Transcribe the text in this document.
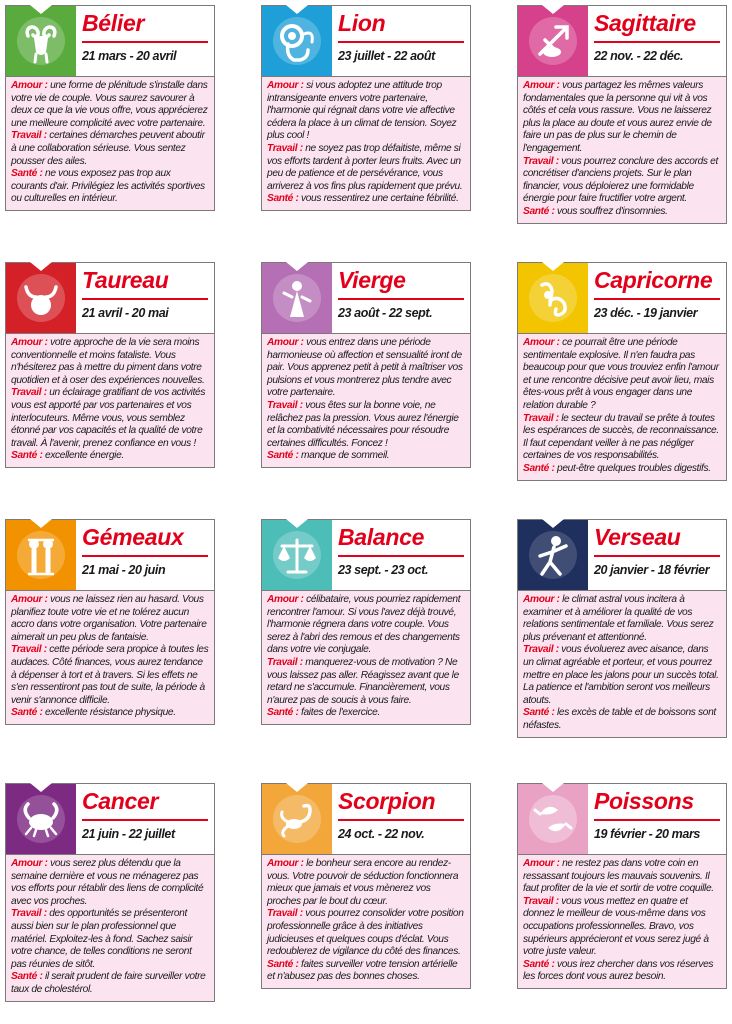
Bélier
21 mars - 20 avril

Amour : une forme de plénitude s'installe dans votre vie de couple. Vous saurez savourer à deux ce que la vie vous offre, vous apprécierez une meilleure complicité avec votre partenaire.

Travail : certaines démarches peuvent aboutir à une collaboration sérieuse. Vous sentez pousser des ailes.

Santé : ne vous exposez pas trop aux courants d'air. Privilégiez les activités sportives ou culturelles en intérieur.

Lion
23 juillet - 22 août

Amour : si vous adoptez une attitude trop intransigeante envers votre partenaire, l'harmonie qui régnait dans votre vie affective cédera la place à un climat de tension. Soyez plus cool !

Travail : ne soyez pas trop défaitiste, même si vos efforts tardent à porter leurs fruits. Avec un peu de patience et de persévérance, vous arriverez à vos fins plus rapidement que prévu.

Santé : vous ressentirez une certaine fébrilité.

Sagittaire
22 nov. - 22 déc.

Amour : vous partagez les mêmes valeurs fondamentales que la personne qui vit à vos côtés et cela vous rassure. Vous ne laisserez plus la place au doute et vous aurez envie de faire un pas de plus sur le chemin de l'engagement.

Travail : vous pourrez conclure des accords et concrétiser d'anciens projets. Sur le plan financier, vous déploierez une formidable énergie pour faire fructifier votre argent.

Santé : vous souffrez d'insomnies.

Taureau
21 avril - 20 mai

Amour : votre approche de la vie sera moins conventionnelle et moins fataliste. Vous n'hésiterez pas à mettre du piment dans votre quotidien et à oser des expériences nouvelles.

Travail : un éclairage gratifiant de vos activités vous est apporté par vos partenaires et vos interlocuteurs. Même vous, vous semblez étonné par vos capacités et la qualité de votre travail. À l'avenir, prenez confiance en vous !

Santé : excellente énergie.

Vierge
23 août - 22 sept.

Amour : vous entrez dans une période harmonieuse où affection et sensualité iront de pair. Vous apprenez petit à petit à maîtriser vos pulsions et vous montrerez plus tendre avec votre partenaire.

Travail : vous êtes sur la bonne voie, ne relâchez pas la pression. Vous aurez l'énergie et la combativité nécessaires pour résoudre certaines difficultés. Foncez !

Santé : manque de sommeil.

Capricorne
23 déc. - 19 janvier

Amour : ce pourrait être une période sentimentale explosive. Il n'en faudra pas beaucoup pour que vous trouviez enfin l'amour et une rencontre décisive peut avoir lieu, mais êtes-vous prêt à vous engager dans une relation durable ?

Travail : le secteur du travail se prête à toutes les espérances de succès, de reconnaissance. Il faut cependant veiller à ne pas négliger certaines de vos responsabilités.

Santé : peut-être quelques troubles digestifs.

Gémeaux
21 mai - 20 juin

Amour : vous ne laissez rien au hasard. Vous planifiez toute votre vie et ne tolérez aucun accro dans votre organisation. Votre partenaire aimerait un peu plus de fantaisie.

Travail : cette période sera propice à toutes les audaces. Côté finances, vous aurez tendance à dépenser à tort et à travers. Si les effets ne s'en ressentiront pas tout de suite, la période à venir s'annonce difficile.

Santé : excellente résistance physique.

Balance
23 sept. - 23 oct.

Amour : célibataire, vous pourriez rapidement rencontrer l'amour. Si vous l'avez déjà trouvé, l'harmonie régnera dans votre couple. Vous serez à l'abri des remous et des changements dans votre vie conjugale.

Travail : manquerez-vous de motivation ? Ne vous laissez pas aller. Réagissez avant que le retard ne s'accumule. Financièrement, vous n'aurez pas de soucis à vous faire.

Santé : faites de l'exercice.

Verseau
20 janvier - 18 février

Amour : le climat astral vous incitera à examiner et à améliorer la qualité de vos relations sentimentale et familiale. Vous serez plus prévenant et attentionné.

Travail : vous évoluerez avec aisance, dans un climat agréable et porteur, et vous pourrez mettre en place les jalons pour un succès total. La patience et l'ambition seront vos meilleurs atouts.

Santé : les excès de table et de boissons sont néfastes.

Cancer
21 juin - 22 juillet

Amour : vous serez plus détendu que la semaine dernière et vous ne ménagerez pas vos efforts pour rétablir des liens de complicité avec vos proches.

Travail : des opportunités se présenteront aussi bien sur le plan professionnel que matériel. Exploitez-les à fond. Sachez saisir votre chance, de telles conditions ne seront pas réunies de sitôt.

Santé : il serait prudent de faire surveiller votre taux de cholestérol.

Scorpion
24 oct. - 22 nov.

Amour : le bonheur sera encore au rendez-vous. Votre pouvoir de séduction fonctionnera mieux que jamais et vous mènerez vos proches par le bout du cœur.

Travail : vous pourrez consolider votre position professionnelle grâce à des initiatives judicieuses et quelques coups d'éclat. Vous redoublerez de vigilance du côté des finances.

Santé : faites surveiller votre tension artérielle et n'abusez pas des bonnes choses.

Poissons
19 février - 20 mars

Amour : ne restez pas dans votre coin en ressassant toujours les mauvais souvenirs. Il faut profiter de la vie et sortir de votre coquille.

Travail : vous vous mettez en quatre et donnez le meilleur de vous-même dans vos occupations professionnelles. Bravo, vos supérieurs apprécieront et vous serez jugé à votre juste valeur.

Santé : vous irez chercher dans vos réserves les forces dont vous aurez besoin.
